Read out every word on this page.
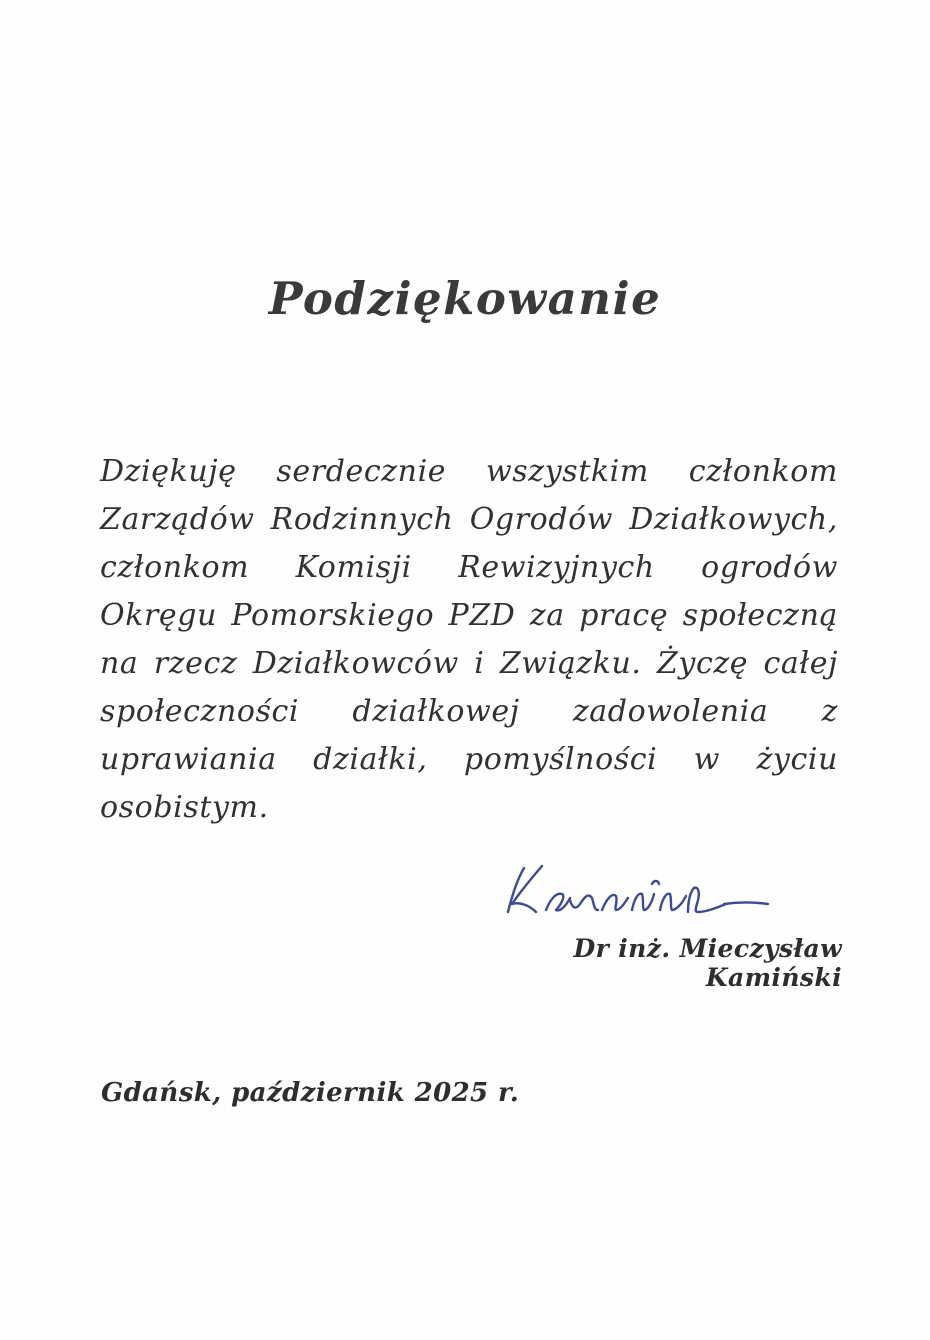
Podziękowanie
Dziękuję serdecznie wszystkim członkom Zarządów Rodzinnych Ogrodów Działkowych, członkom Komisji Rewizyjnych ogrodów Okręgu Pomorskiego PZD za pracę społeczną na rzecz Działkowców i Związku. Życzę całej społeczności działkowej zadowolenia z uprawiania działki, pomyślności w życiu osobistym.
Dr inż. Mieczysław Kamiński
Gdańsk, październik 2025 r.
